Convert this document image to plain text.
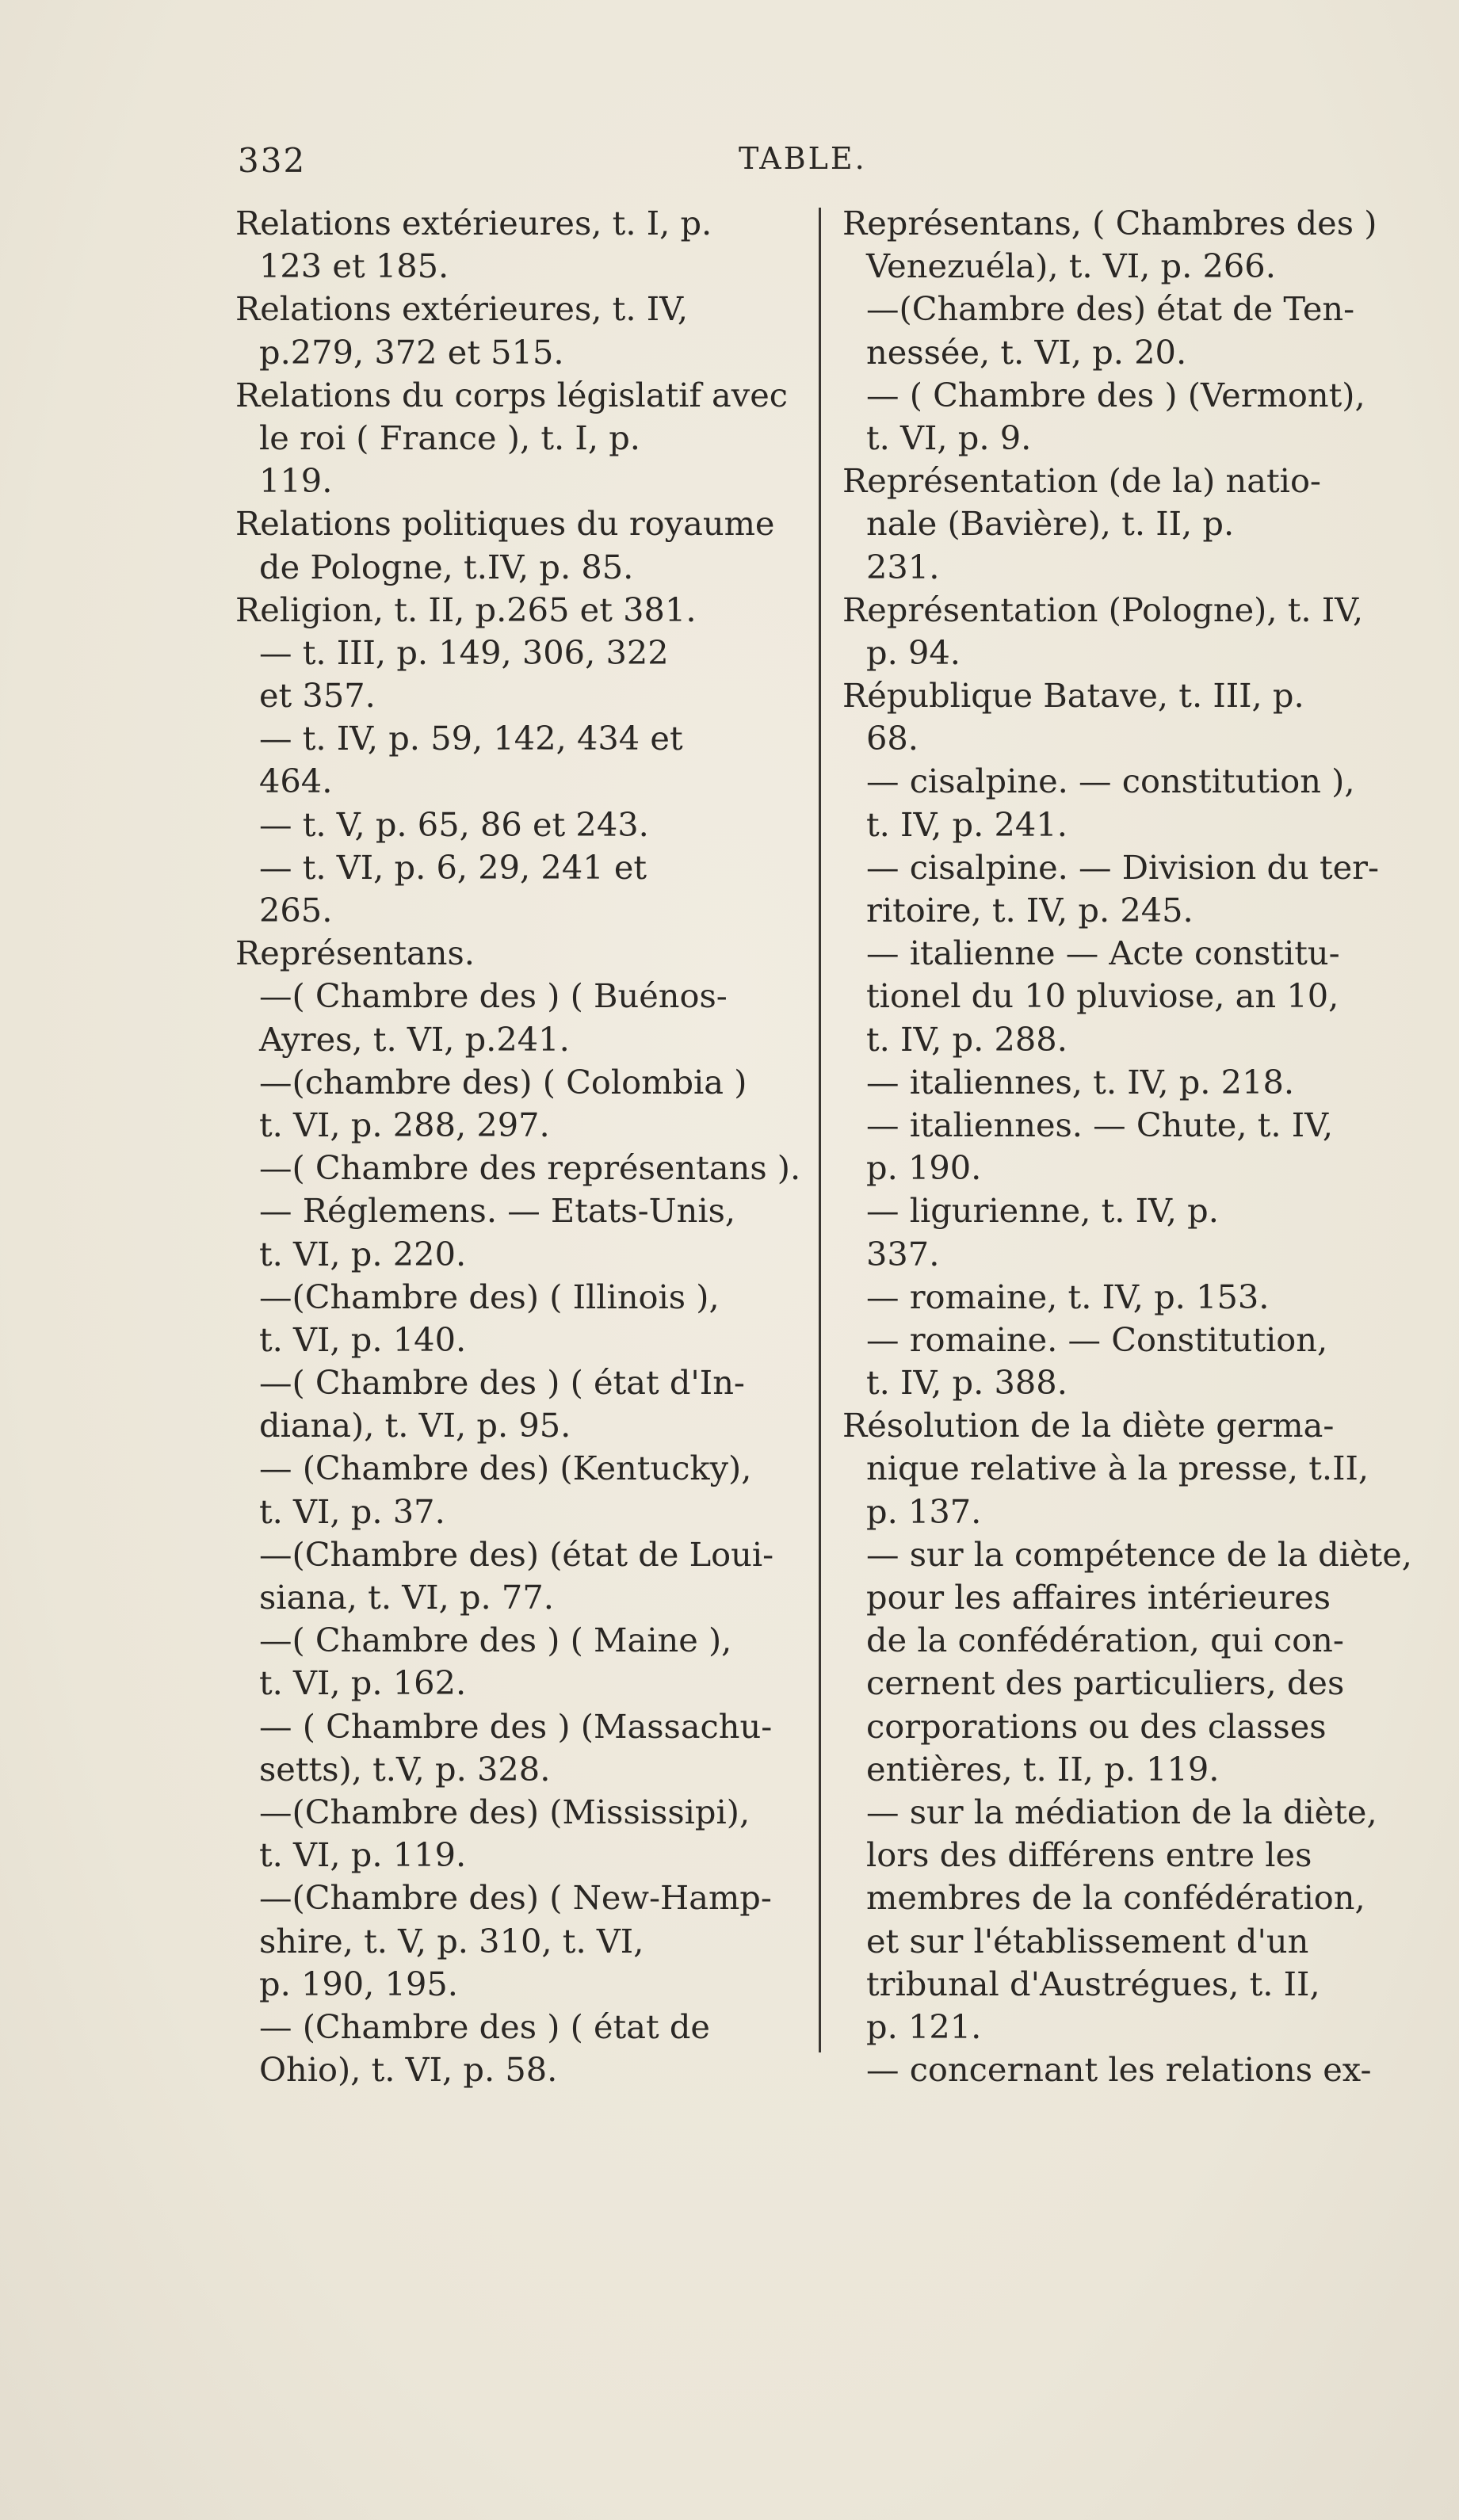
332	TABLE.
Relations extérieures, t. I, p.
123 et 185.
Relations extérieures, t. IV,
p.279, 372 et 515.
Relations du corps législatif avec
le roi ( France ), t. I, p.
119.
Relations politiques du royaume
de Pologne, t.IV, p. 85.
Religion, t. II, p.265 et 381.
— t. III, p. 149, 306, 322
et 357.
— t. IV, p. 59, 142, 434 et
464.
— t. V, p. 65, 86 et 243.
— t. VI, p. 6, 29, 241 et
265.
Représentans.
—( Chambre des ) ( Buénos-
Ayres, t. VI, p.241.
—(chambre des) ( Colombia )
t. VI, p. 288, 297.
—( Chambre des représentans ).
— Réglemens. — Etats-Unis,
t. VI, p. 220.
—(Chambre des) ( Illinois ),
t. VI, p. 140.
—( Chambre des ) ( état d'In-
diana), t. VI, p. 95.
— (Chambre des) (Kentucky),
t. VI, p. 37.
—(Chambre des) (état de Loui-
siana, t. VI, p. 77.
—( Chambre des ) ( Maine ),
t. VI, p. 162.
— ( Chambre des ) (Massachu-
setts), t.V, p. 328.
—(Chambre des) (Mississipi),
t. VI, p. 119.
—(Chambre des) ( New-Hamp-
shire, t. V, p. 310, t. VI,
p. 190, 195.
— (Chambre des ) ( état de
Ohio), t. VI, p. 58.
Représentans, ( Chambres des )
Venezuéla), t. VI, p. 266.
—(Chambre des) état de Ten-
nessée, t. VI, p. 20.
— ( Chambre des ) (Vermont),
t. VI, p. 9.
Représentation (de la) natio-
nale (Bavière), t. II, p.
231.
Représentation (Pologne), t. IV,
p. 94.
République Batave, t. III, p.
68.
— cisalpine. — constitution ),
t. IV, p. 241.
— cisalpine. — Division du ter-
ritoire, t. IV, p. 245.
— italienne — Acte constitu-
tionel du 10 pluviose, an 10,
t. IV, p. 288.
— italiennes, t. IV, p. 218.
— italiennes. — Chute, t. IV,
p. 190.
— ligurienne, t. IV, p.
337.
— romaine, t. IV, p. 153.
— romaine. — Constitution,
t. IV, p. 388.
Résolution de la diète germa-
nique relative à la presse, t.II,
p. 137.
— sur la compétence de la diète,
pour les affaires intérieures
de la confédération, qui con-
cernent des particuliers, des
corporations ou des classes
entières, t. II, p. 119.
— sur la médiation de la diète,
lors des différens entre les
membres de la confédération,
et sur l'établissement d'un
tribunal d'Austrégues, t. II,
p. 121.
— concernant les relations ex-
